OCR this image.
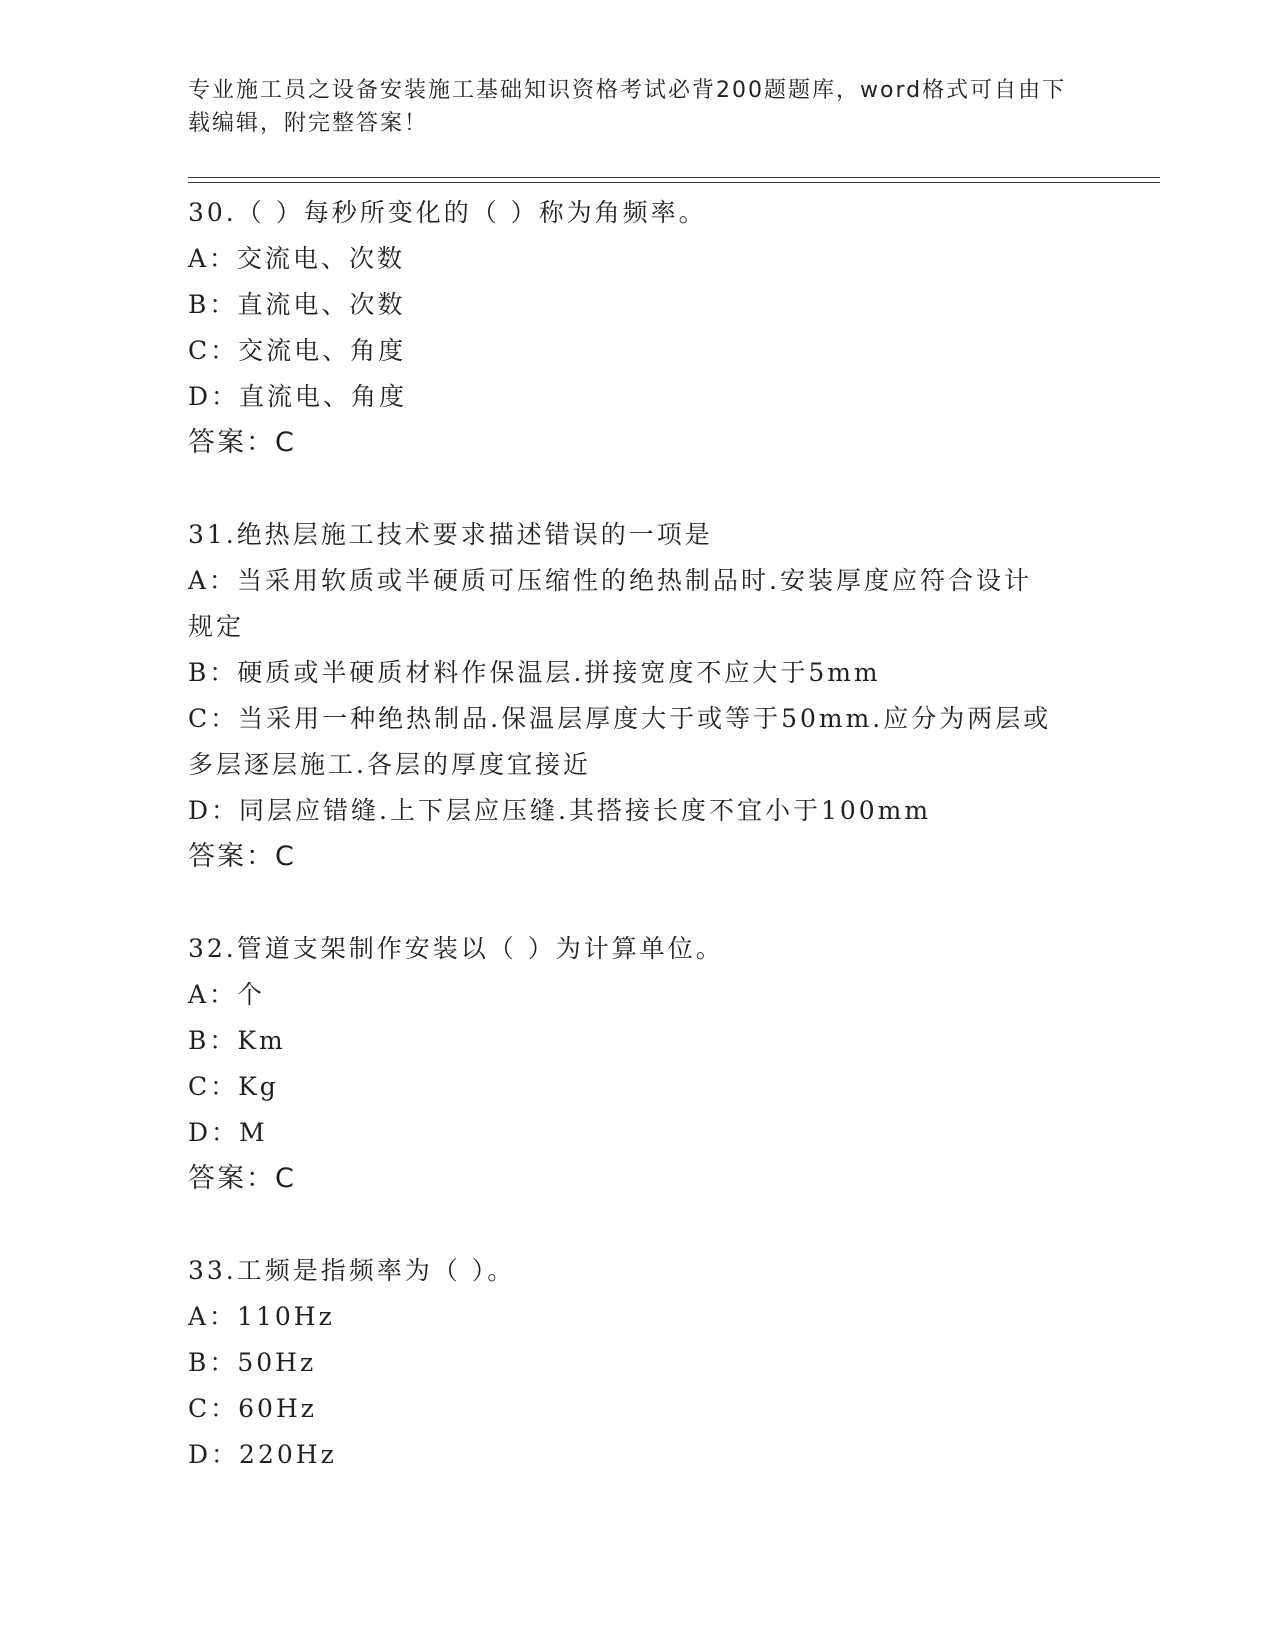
专业施工员之设备安装施工基础知识资格考试必背200题题库，word格式可自由下载编辑，附完整答案！
30.（ ）每秒所变化的（ ）称为角频率。
A：交流电、次数
B：直流电、次数
C：交流电、角度
D：直流电、角度
答案：C
31.绝热层施工技术要求描述错误的一项是
A：当采用软质或半硬质可压缩性的绝热制品时.安装厚度应符合设计规定
B：硬质或半硬质材料作保温层.拼接宽度不应大于5mm
C：当采用一种绝热制品.保温层厚度大于或等于50mm.应分为两层或多层逐层施工.各层的厚度宜接近
D：同层应错缝.上下层应压缝.其搭接长度不宜小于100mm
答案：C
32.管道支架制作安装以（ ）为计算单位。
A：个
B：Km
C：Kg
D：M
答案：C
33.工频是指频率为（ ）。
A：110Hz
B：50Hz
C：60Hz
D：220Hz
